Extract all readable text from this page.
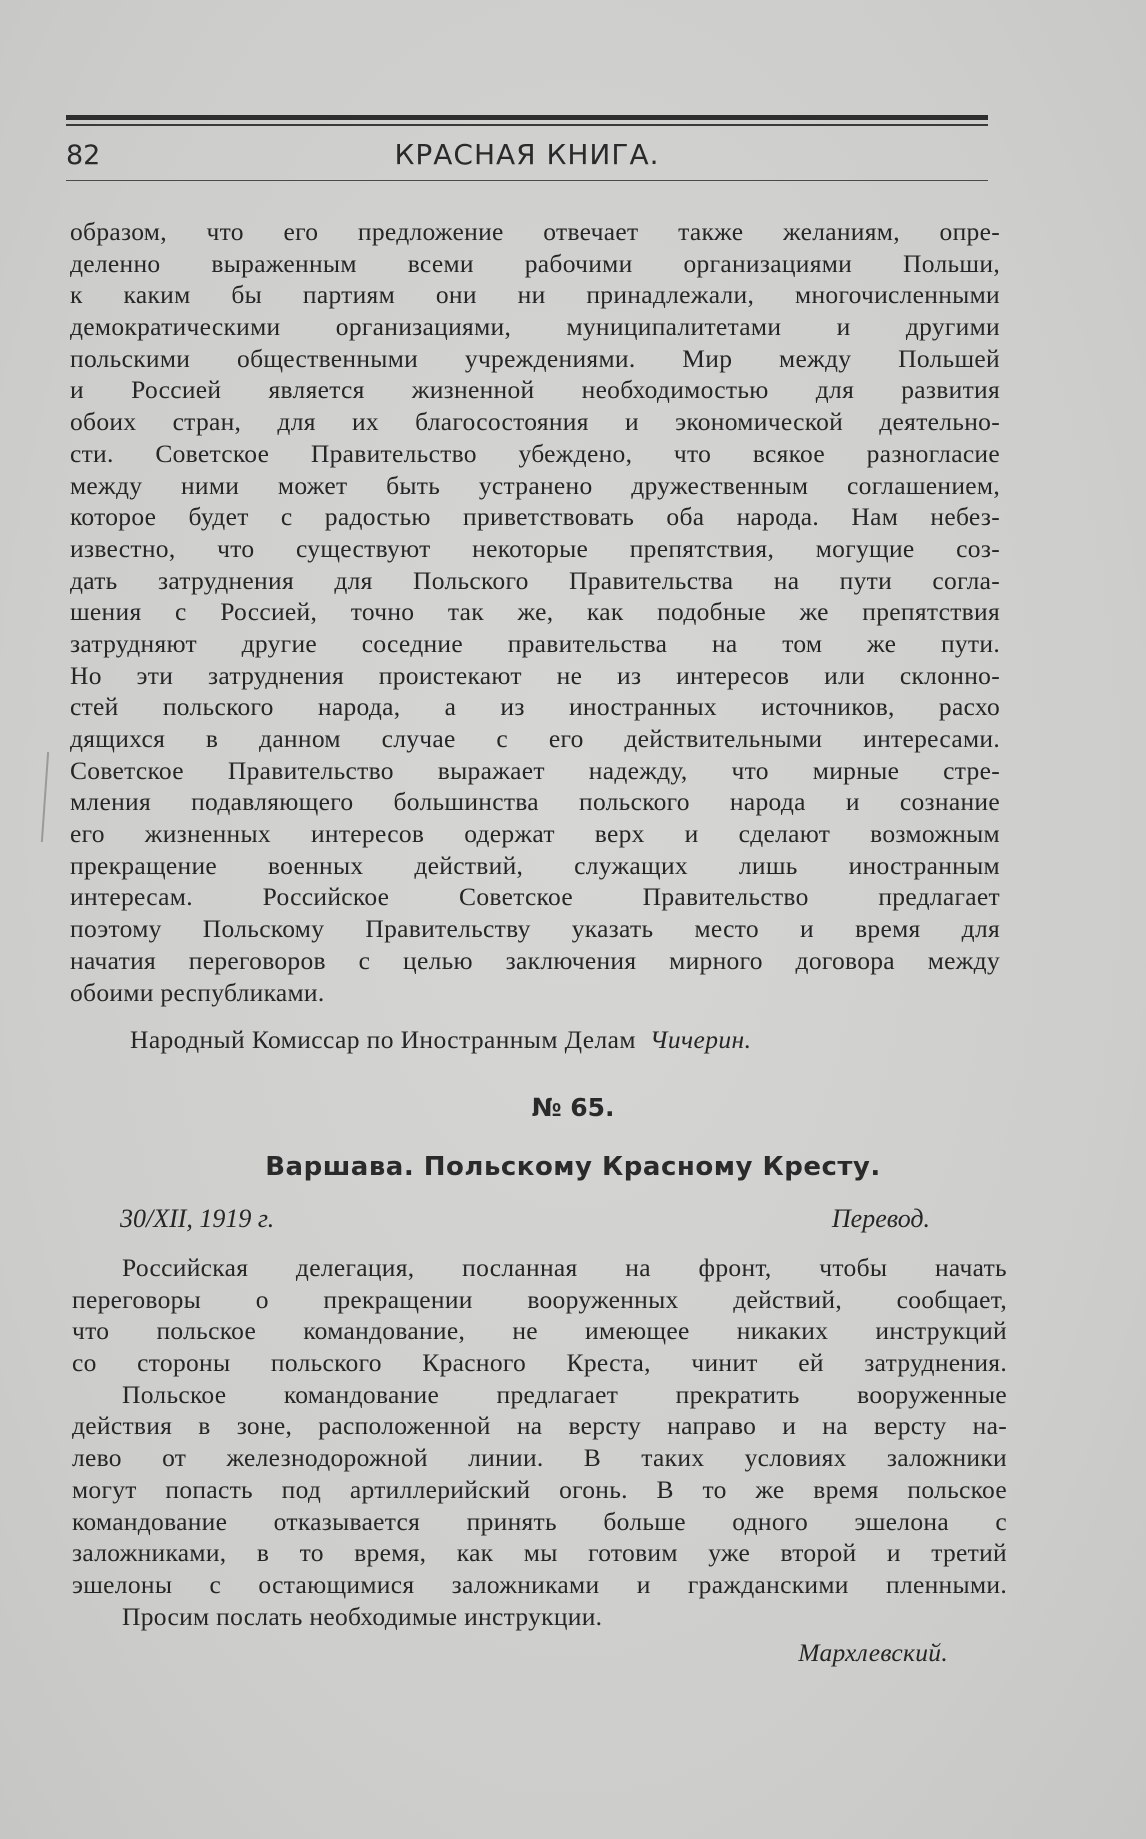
82	КРАСНАЯ КНИГА.
образом, что его предложение отвечает также желаниям, опре-
деленно выраженным всеми рабочими организациями Польши,
к каким бы партиям они ни принадлежали, многочисленными
демократическими организациями, муниципалитетами и другими
польскими общественными учреждениями. Мир между Польшей
и Россией является жизненной необходимостью для развития
обоих стран, для их благосостояния и экономической деятельно-
сти. Советское Правительство убеждено, что всякое разногласие
между ними может быть устранено дружественным соглашением,
которое будет с радостью приветствовать оба народа. Нам небез-
известно, что существуют некоторые препятствия, могущие соз-
дать затруднения для Польского Правительства на пути согла-
шения с Россией, точно так же, как подобные же препятствия
затрудняют другие соседние правительства на том же пути.
Но эти затруднения проистекают не из интересов или склонно-
стей польского народа, а из иностранных источников, расхо
дящихся в данном случае с его действительными интересами.
Советское Правительство выражает надежду, что мирные стре-
мления подавляющего большинства польского народа и сознание
его жизненных интересов одержат верх и сделают возможным
прекращение военных действий, служащих лишь иностранным
интересам. Российское Советское Правительство предлагает
поэтому Польскому Правительству указать место и время для
начатия переговоров с целью заключения мирного договора между
обоими республиками.
Народный Комиссар по Иностранным Делам Чичерин.
№ 65.
Варшава. Польскому Красному Кресту.
30/XII, 1919 г.	Перевод.
Российская делегация, посланная на фронт, чтобы начать
переговоры о прекращении вооруженных действий, сообщает,
что польское командование, не имеющее никаких инструкций
со стороны польского Красного Креста, чинит ей затруднения.
Польское командование предлагает прекратить вооруженные
действия в зоне, расположенной на версту направо и на версту на-
лево от железнодорожной линии. В таких условиях заложники
могут попасть под артиллерийский огонь. В то же время польское
командование отказывается принять больше одного эшелона с
заложниками, в то время, как мы готовим уже второй и третий
эшелоны с остающимися заложниками и гражданскими пленными.
Просим послать необходимые инструкции.
Мархлевский.
